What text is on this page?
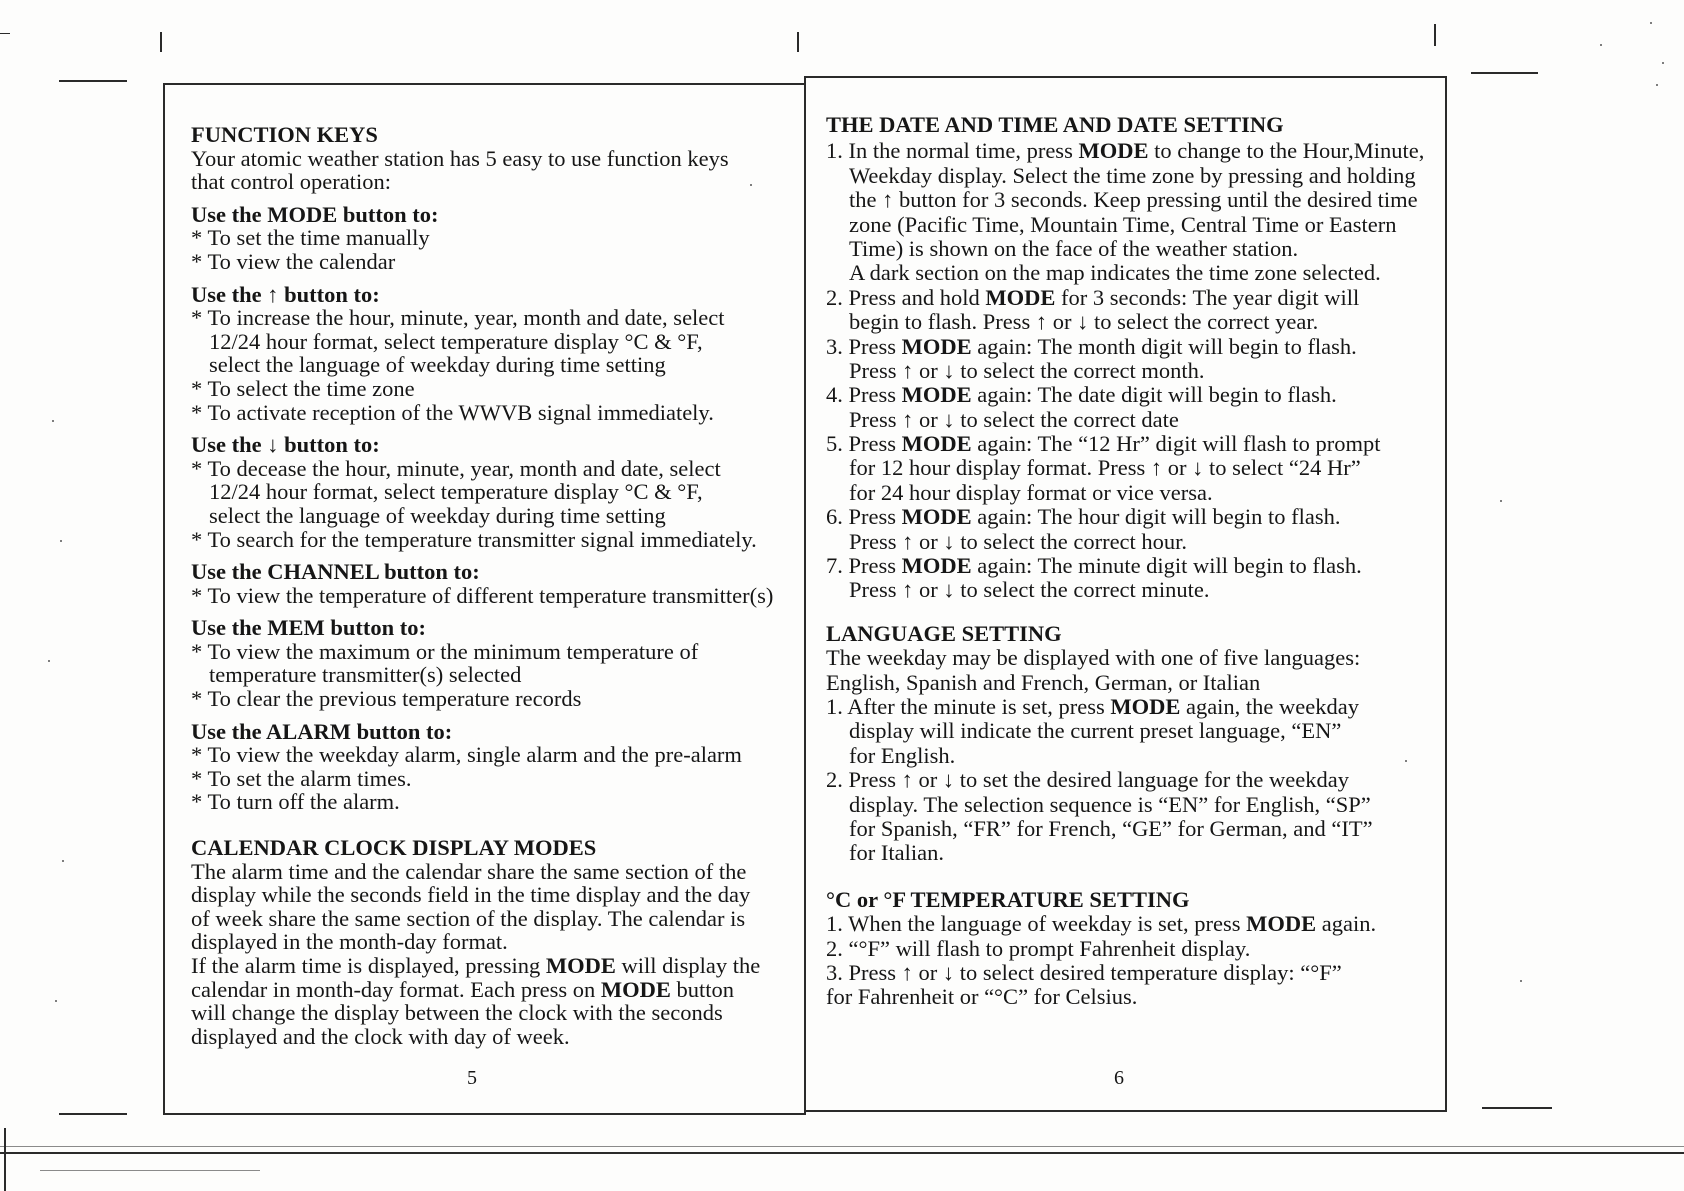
FUNCTION KEYS
Your atomic weather station has 5 easy to use function keys
that control operation:
Use the MODE button to:
* To set the time manually
* To view the calendar
Use the ↑ button to:
* To increase the hour, minute, year, month and date, select
12/24 hour format, select temperature display °C & °F,
select the language of weekday during time setting
* To select the time zone
* To activate reception of the WWVB signal immediately.
Use the ↓ button to:
* To decease the hour, minute, year, month and date, select
12/24 hour format, select temperature display °C & °F,
select the language of weekday during time setting
* To search for the temperature transmitter signal immediately.
Use the CHANNEL button to:
* To view the temperature of different temperature transmitter(s)
Use the MEM button to:
* To view the maximum or the minimum temperature of
temperature transmitter(s) selected
* To clear the previous temperature records
Use the ALARM button to:
* To view the weekday alarm, single alarm and the pre-alarm
* To set the alarm times.
* To turn off the alarm.
CALENDAR CLOCK DISPLAY MODES
The alarm time and the calendar share the same section of the
display while the seconds field in the time display and the day
of week share the same section of the display. The calendar is
displayed in the month-day format.
If the alarm time is displayed, pressing MODE will display the
calendar in month-day format. Each press on MODE button
will change the display between the clock with the seconds
displayed and the clock with day of week.
5
THE DATE AND TIME AND DATE SETTING
1. In the normal time, press MODE to change to the Hour,Minute,
Weekday display. Select the time zone by pressing and holding
the ↑ button for 3 seconds. Keep pressing until the desired time
zone (Pacific Time, Mountain Time, Central Time or Eastern
Time) is shown on the face of the weather station.
A dark section on the map indicates the time zone selected.
2. Press and hold MODE for 3 seconds: The year digit will
begin to flash. Press ↑ or ↓ to select the correct year.
3. Press MODE again: The month digit will begin to flash.
Press ↑ or ↓ to select the correct month.
4. Press MODE again: The date digit will begin to flash.
Press ↑ or ↓ to select the correct date
5. Press MODE again: The “12 Hr” digit will flash to prompt
for 12 hour display format. Press ↑ or ↓ to select “24 Hr”
for 24 hour display format or vice versa.
6. Press MODE again: The hour digit will begin to flash.
Press ↑ or ↓ to select the correct hour.
7. Press MODE again: The minute digit will begin to flash.
Press ↑ or ↓ to select the correct minute.
LANGUAGE SETTING
The weekday may be displayed with one of five languages:
English, Spanish and French, German, or Italian
1. After the minute is set, press MODE again, the weekday
display will indicate the current preset language, “EN”
for English.
2. Press ↑ or ↓ to set the desired language for the weekday
display. The selection sequence is “EN” for English, “SP”
for Spanish, “FR” for French, “GE” for German, and “IT”
for Italian.
°C or °F TEMPERATURE SETTING
1. When the language of weekday is set, press MODE again.
2. “°F” will flash to prompt Fahrenheit display.
3. Press ↑ or ↓ to select desired temperature display: “°F”
for Fahrenheit or “°C” for Celsius.
6
